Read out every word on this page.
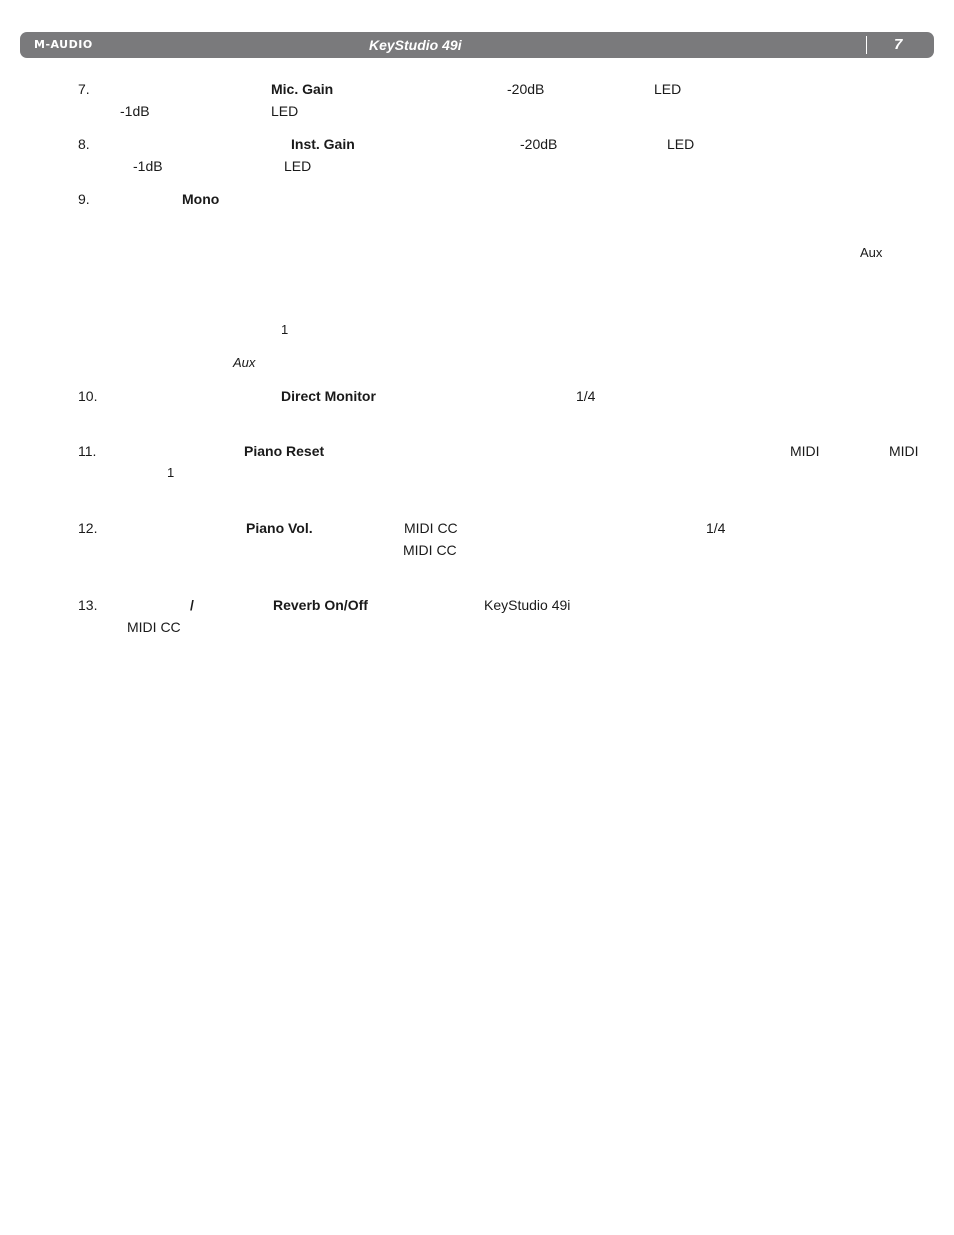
M-AUDIO	KeyStudio 49i	7
7.	Mic. Gain	-20dB	LED
-1dB	LED
8.	Inst. Gain	-20dB	LED
-1dB	LED
9.	Mono
Aux
1
Aux
10.	Direct Monitor	1/4
11.	Piano Reset	MIDI	MIDI
1
12.	Piano Vol.	MIDI CC	1/4
MIDI CC
13.	/	Reverb On/Off	KeyStudio 49i
MIDI CC
